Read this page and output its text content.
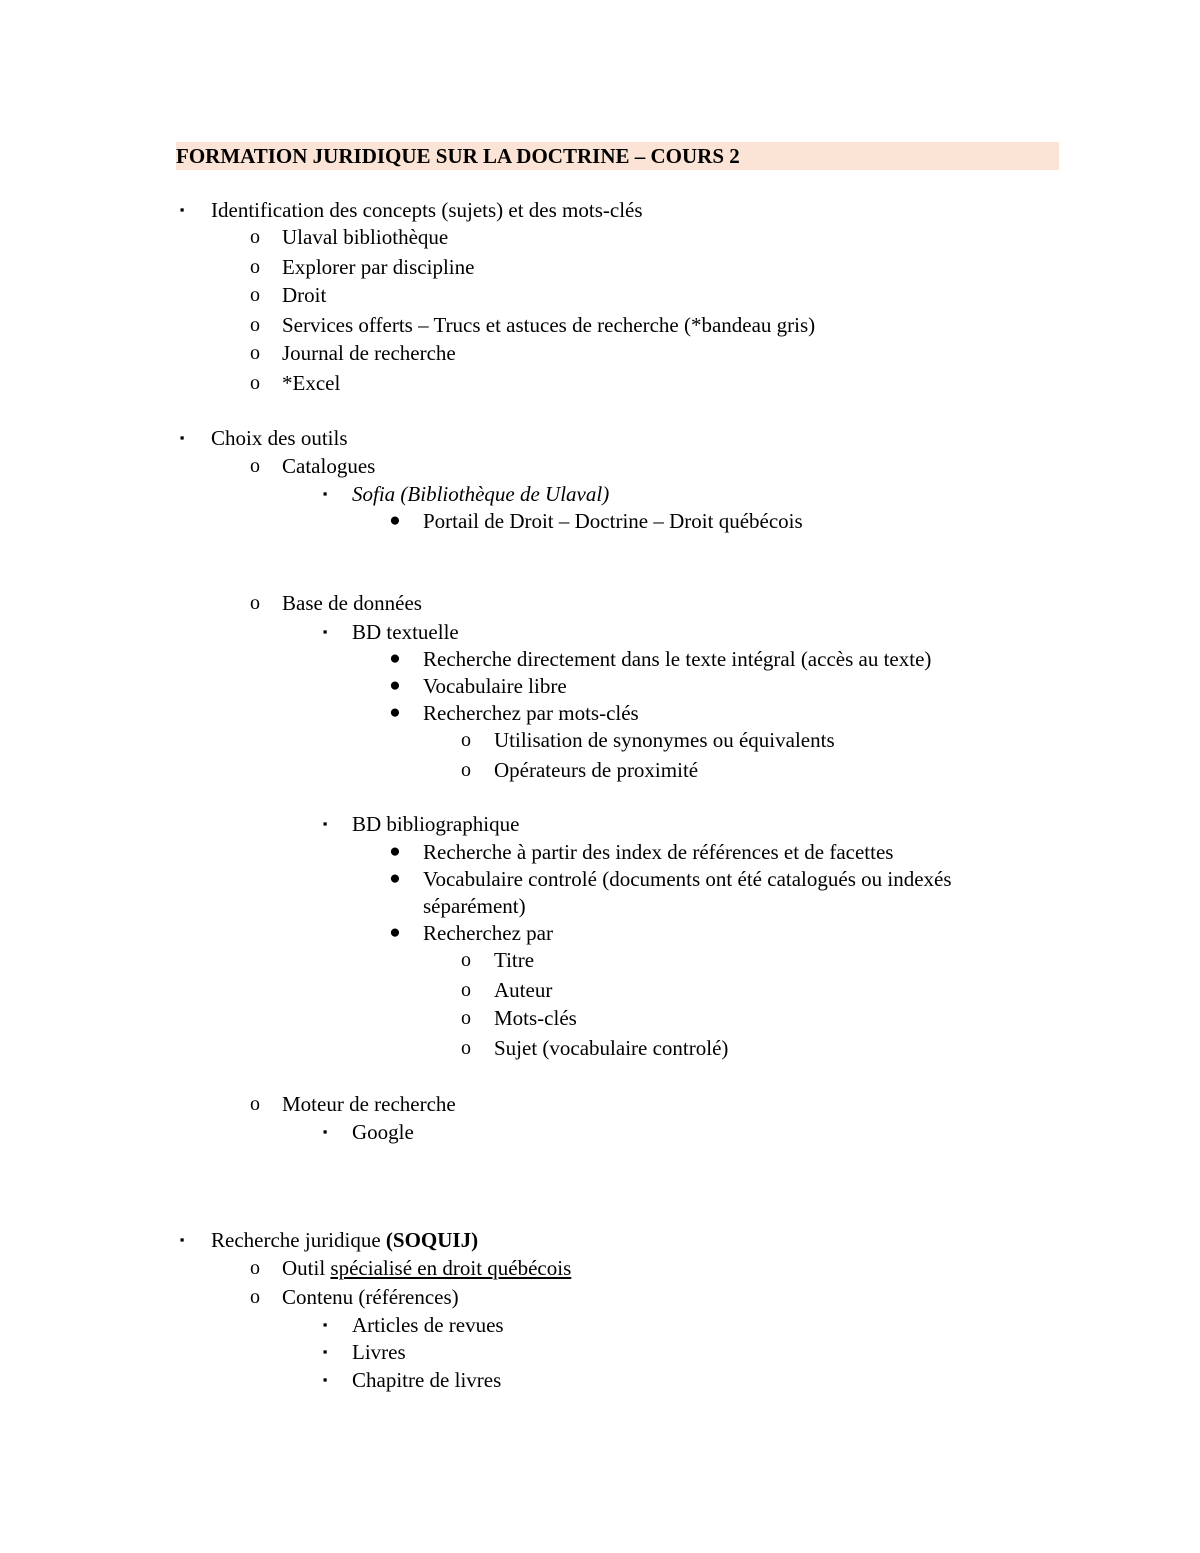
FORMATION JURIDIQUE SUR LA DOCTRINE – COURS 2
▪	Identification des concepts (sujets) et des mots-clés
o	Ulaval bibliothèque
o	Explorer par discipline
o	Droit
o	Services offerts – Trucs et astuces de recherche (*bandeau gris)
o	Journal de recherche
o	*Excel
▪	Choix des outils
o	Catalogues
▪	Sofia (Bibliothèque de Ulaval)
● Portail de Droit – Doctrine – Droit québécois
o	Base de données
▪	BD textuelle
● Recherche directement dans le texte intégral (accès au texte)
● Vocabulaire libre
● Recherchez par mots-clés
o	Utilisation de synonymes ou équivalents
o	Opérateurs de proximité
▪	BD bibliographique
● Recherche à partir des index de références et de facettes
● Vocabulaire controlé (documents ont été catalogués ou indexés
séparément)
● Recherchez par
o	Titre
o	Auteur
o	Mots-clés
o	Sujet (vocabulaire controlé)
o	Moteur de recherche
▪	Google
▪	Recherche juridique (SOQUIJ)
o	Outil spécialisé en droit québécois
o	Contenu (références)
▪	Articles de revues
▪	Livres
▪	Chapitre de livres
